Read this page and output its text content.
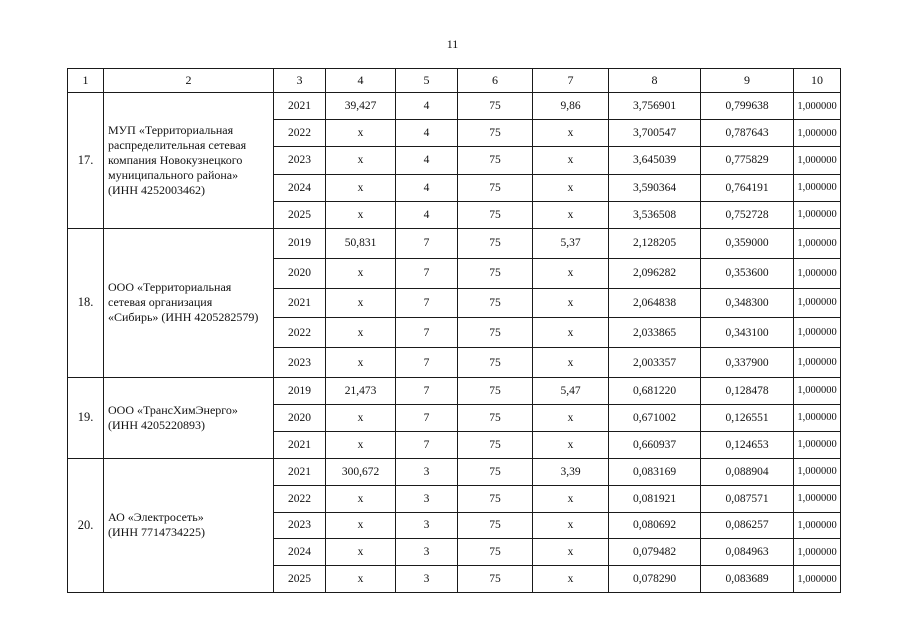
11
1	2	3	4	5	6	7	8	9	10
17.	МУП «Территориальная
распределительная сетевая
компания Новокузнецкого
муниципального района»
(ИНН 4252003462)	2021	39,427	4	75	9,86	3,756901	0,799638	1,000000
		2022	х	4	75	х	3,700547	0,787643	1,000000
		2023	х	4	75	х	3,645039	0,775829	1,000000
		2024	х	4	75	х	3,590364	0,764191	1,000000
		2025	х	4	75	х	3,536508	0,752728	1,000000
18.	ООО «Территориальная
сетевая организация
«Сибирь» (ИНН 4205282579)	2019	50,831	7	75	5,37	2,128205	0,359000	1,000000
		2020	х	7	75	х	2,096282	0,353600	1,000000
		2021	х	7	75	х	2,064838	0,348300	1,000000
		2022	х	7	75	х	2,033865	0,343100	1,000000
		2023	х	7	75	х	2,003357	0,337900	1,000000
19.	ООО «ТрансХимЭнерго»
(ИНН 4205220893)	2019	21,473	7	75	5,47	0,681220	0,128478	1,000000
		2020	х	7	75	х	0,671002	0,126551	1,000000
		2021	х	7	75	х	0,660937	0,124653	1,000000
20.	АО «Электросеть»
(ИНН 7714734225)	2021	300,672	3	75	3,39	0,083169	0,088904	1,000000
		2022	х	3	75	х	0,081921	0,087571	1,000000
		2023	х	3	75	х	0,080692	0,086257	1,000000
		2024	х	3	75	х	0,079482	0,084963	1,000000
		2025	х	3	75	х	0,078290	0,083689	1,000000
